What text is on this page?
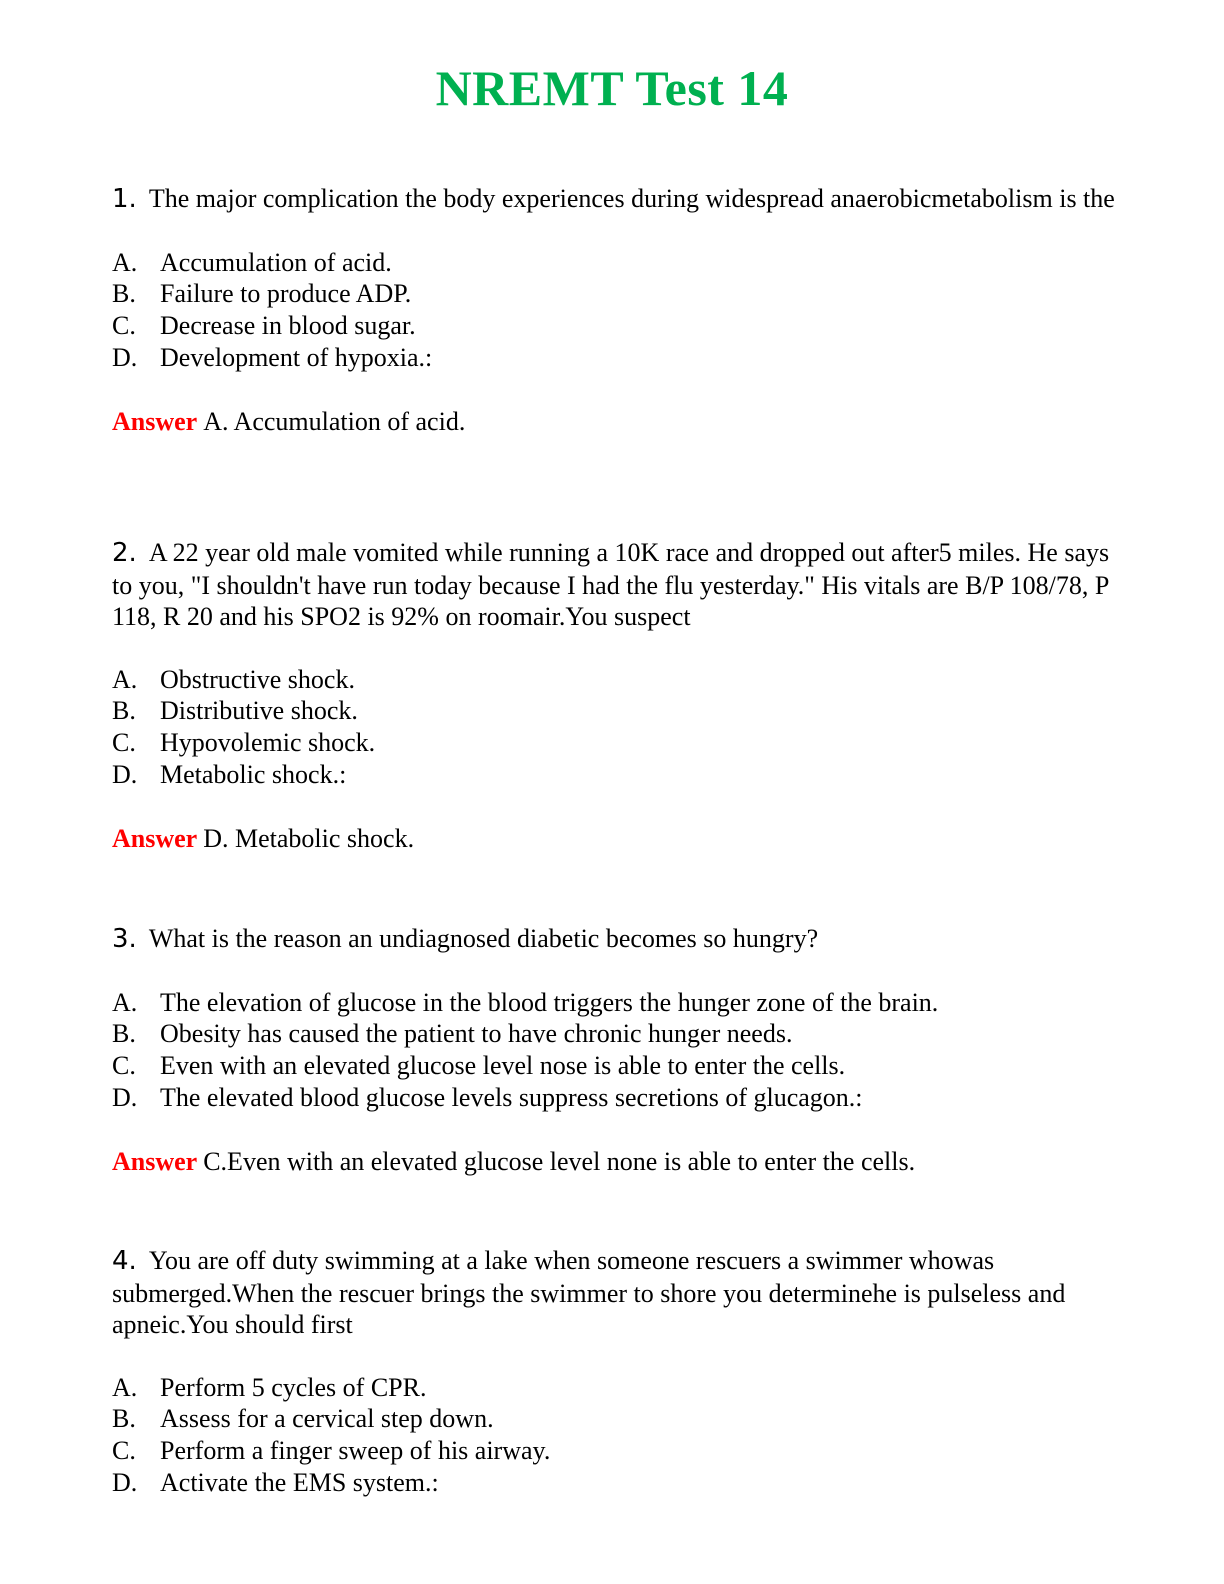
NREMT Test 14

1. The major complication the body experiences during widespread anaerobicmetabolism is the

A. Accumulation of acid.
B. Failure to produce ADP.
C. Decrease in blood sugar.
D. Development of hypoxia.:
Answer A. Accumulation of acid.

2. A 22 year old male vomited while running a 10K race and dropped out after5 miles. He says to you, "I shouldn't have run today because I had the flu yesterday." His vitals are B/P 108/78, P 118, R 20 and his SPO2 is 92% on roomair.You suspect

A. Obstructive shock.
B. Distributive shock.
C. Hypovolemic shock.
D. Metabolic shock.:
Answer D. Metabolic shock.

3. What is the reason an undiagnosed diabetic becomes so hungry?

A. The elevation of glucose in the blood triggers the hunger zone of the brain.
B. Obesity has caused the patient to have chronic hunger needs.
C. Even with an elevated glucose level nose is able to enter the cells.
D. The elevated blood glucose levels suppress secretions of glucagon.:
Answer C.Even with an elevated glucose level none is able to enter the cells.

4. You are off duty swimming at a lake when someone rescuers a swimmer whowas submerged.When the rescuer brings the swimmer to shore you determinehe is pulseless and apneic.You should first

A. Perform 5 cycles of CPR.
B. Assess for a cervical step down.
C. Perform a finger sweep of his airway.
D. Activate the EMS system.:
